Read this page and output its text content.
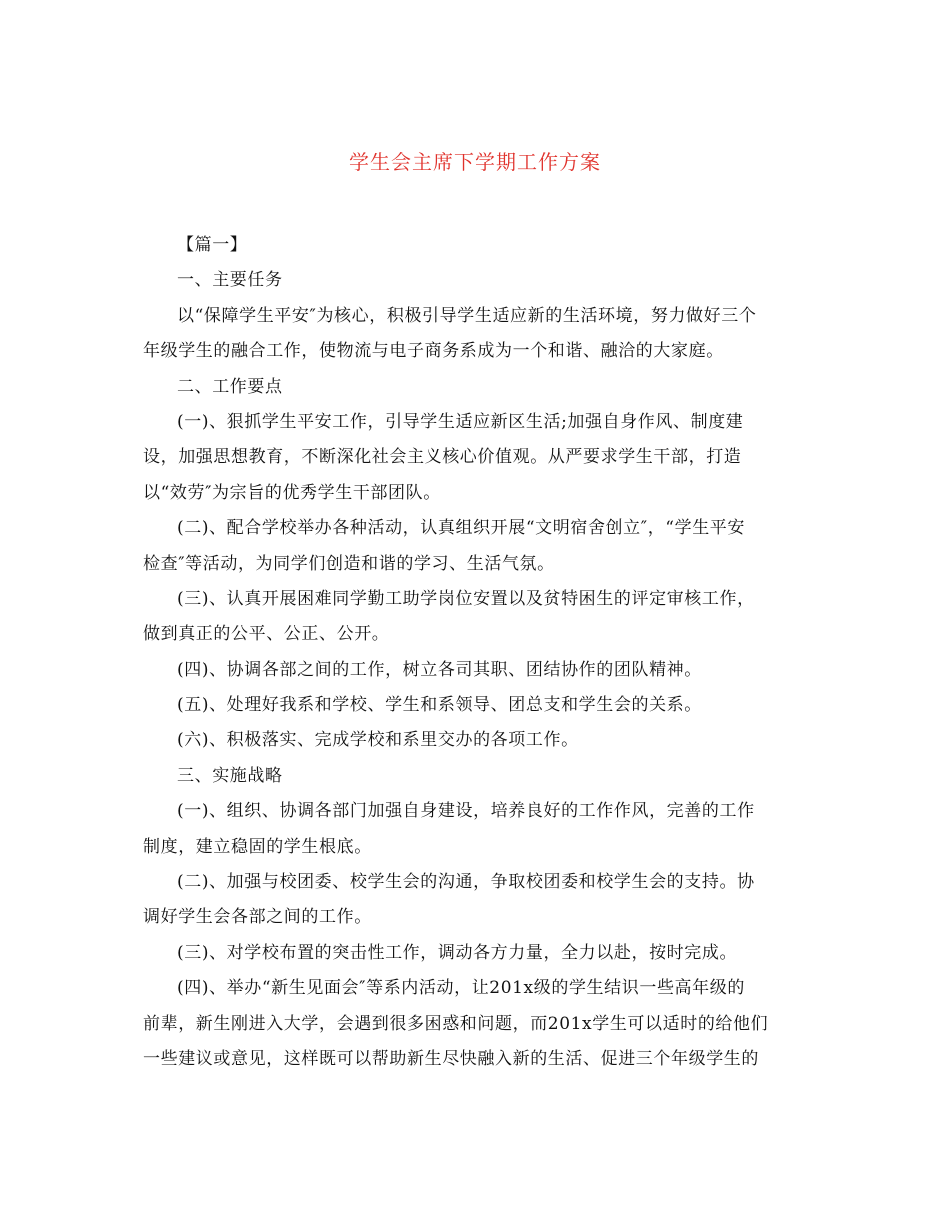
学生会主席下学期工作方案
【篇一】
一、主要任务
以“保障学生平安″为核心，积极引导学生适应新的生活环境，努力做好三个
年级学生的融合工作，使物流与电子商务系成为一个和谐、融洽的大家庭。
二、工作要点
(一)、狠抓学生平安工作，引导学生适应新区生活;加强自身作风、制度建
设，加强思想教育，不断深化社会主义核心价值观。从严要求学生干部，打造
以“效劳″为宗旨的优秀学生干部团队。
(二)、配合学校举办各种活动，认真组织开展“文明宿舍创立″，“学生平安
检查″等活动，为同学们创造和谐的学习、生活气氛。
(三)、认真开展困难同学勤工助学岗位安置以及贫特困生的评定审核工作，
做到真正的公平、公正、公开。
(四)、协调各部之间的工作，树立各司其职、团结协作的团队精神。
(五)、处理好我系和学校、学生和系领导、团总支和学生会的关系。
(六)、积极落实、完成学校和系里交办的各项工作。
三、实施战略
(一)、组织、协调各部门加强自身建设，培养良好的工作作风，完善的工作
制度，建立稳固的学生根底。
(二)、加强与校团委、校学生会的沟通，争取校团委和校学生会的支持。协
调好学生会各部之间的工作。
(三)、对学校布置的突击性工作，调动各方力量，全力以赴，按时完成。
(四)、举办“新生见面会″等系内活动，让201x级的学生结识一些高年级的
前辈，新生刚进入大学，会遇到很多困惑和问题，而201x学生可以适时的给他们
一些建议或意见，这样既可以帮助新生尽快融入新的生活、促进三个年级学生的
